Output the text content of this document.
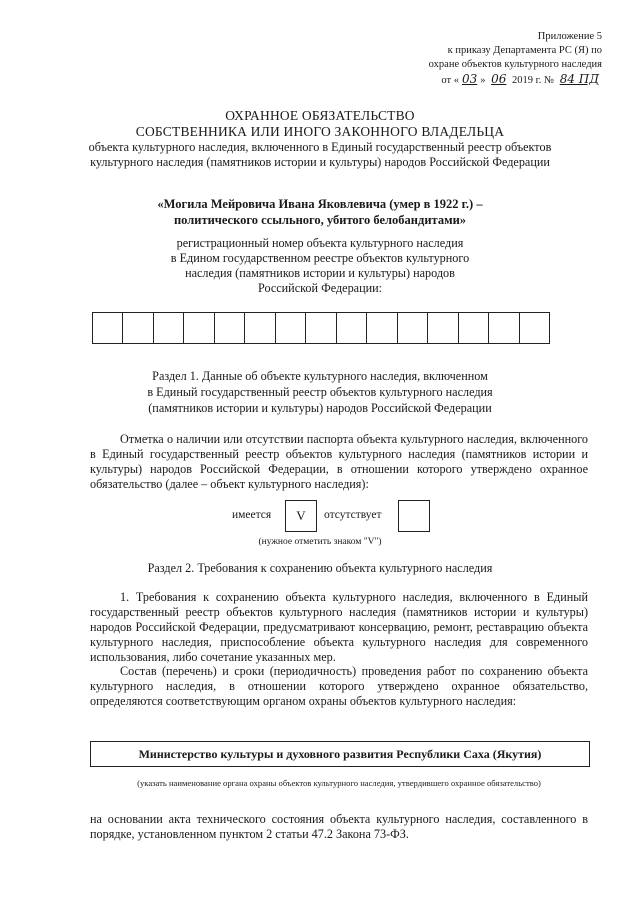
Приложение 5
к приказу Департамента РС (Я) по
охране объектов культурного наследия
от « 03 » 06 2019 г. № 84 ПД
ОХРАННОЕ ОБЯЗАТЕЛЬСТВО
СОБСТВЕННИКА ИЛИ ИНОГО ЗАКОННОГО ВЛАДЕЛЬЦА
объекта культурного наследия, включенного в Единый государственный реестр объектов
культурного наследия (памятников истории и культуры) народов Российской Федерации
«Могила Мейровича Ивана Яковлевича (умер в 1922 г.) –
политического ссыльного, убитого белобандитами»
регистрационный номер объекта культурного наследия
в Едином государственном реестре объектов культурного
наследия (памятников истории и культуры) народов
Российской Федерации:
Раздел 1. Данные об объекте культурного наследия, включенном
в Единый государственный реестр объектов культурного наследия
(памятников истории и культуры) народов Российской Федерации
Отметка о наличии или отсутствии паспорта объекта культурного наследия, включенного в Единый государственный реестр объектов культурного наследия (памятников истории и культуры) народов Российской Федерации, в отношении которого утверждено охранное обязательство (далее – объект культурного наследия):
имеется	V	отсутствует
(нужное отметить знаком "V")
Раздел 2. Требования к сохранению объекта культурного наследия
1. Требования к сохранению объекта культурного наследия, включенного в Единый государственный реестр объектов культурного наследия (памятников истории и культуры) народов Российской Федерации, предусматривают консервацию, ремонт, реставрацию объекта культурного наследия, приспособление объекта культурного наследия для современного использования, либо сочетание указанных мер.
Состав (перечень) и сроки (периодичность) проведения работ по сохранению объекта культурного наследия, в отношении которого утверждено охранное обязательство, определяются соответствующим органом охраны объектов культурного наследия:
Министерство культуры и духовного развития Республики Саха (Якутия)
(указать наименование органа охраны объектов культурного наследия, утвердившего охранное обязательство)
на основании акта технического состояния объекта культурного наследия, составленного в порядке, установленном пунктом 2 статьи 47.2 Закона 73-ФЗ.
